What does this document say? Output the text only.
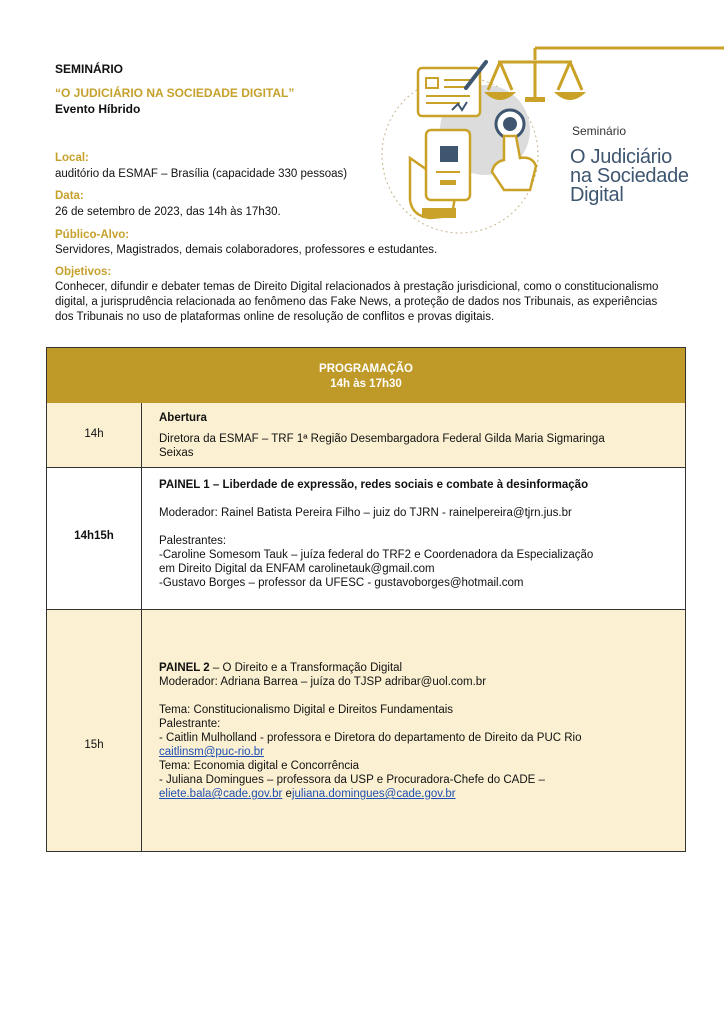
SEMINÁRIO
“O JUDICIÁRIO NA SOCIEDADE DIGITAL”
Evento Híbrido
Seminário
O Judiciário
na Sociedade
Digital
Local:
auditório da ESMAF – Brasília (capacidade 330 pessoas)
Data:
26 de setembro de 2023, das 14h às 17h30.
Público-Alvo:
Servidores, Magistrados, demais colaboradores, professores e estudantes.
Objetivos:
Conhecer, difundir e debater temas de Direito Digital relacionados à prestação jurisdicional, como o constitucionalismo digital, a jurisprudência relacionada ao fenômeno das Fake News, a proteção de dados nos Tribunais, as experiências dos Tribunais no uso de plataformas online de resolução de conflitos e provas digitais.
PROGRAMAÇÃO
14h às 17h30
14h

Abertura

Diretora da ESMAF – TRF 1ª Região Desembargadora Federal Gilda Maria Sigmaringa

Seixas

14h15h

PAINEL 1 – Liberdade de expressão, redes sociais e combate à desinformação

Moderador: Rainel Batista Pereira Filho – juiz do TJRN - rainelpereira@tjrn.jus.br

Palestrantes:

-Caroline Somesom Tauk – juíza federal do TRF2 e Coordenadora da Especialização

em Direito Digital da ENFAM carolinetauk@gmail.com

-Gustavo Borges – professor da UFESC - gustavoborges@hotmail.com

15h

PAINEL 2 – O Direito e a Transformação Digital

Moderador: Adriana Barrea – juíza do TJSP adribar@uol.com.br

Tema: Constitucionalismo Digital e Direitos Fundamentais

Palestrante:

- Caitlin Mulholland - professora e Diretora do departamento de Direito da PUC Rio

caitlinsm@puc-rio.br

Tema: Economia digital e Concorrência

- Juliana Domingues – professora da USP e Procuradora-Chefe do CADE –

eliete.bala@cade.gov.br ejuliana.domingues@cade.gov.br
